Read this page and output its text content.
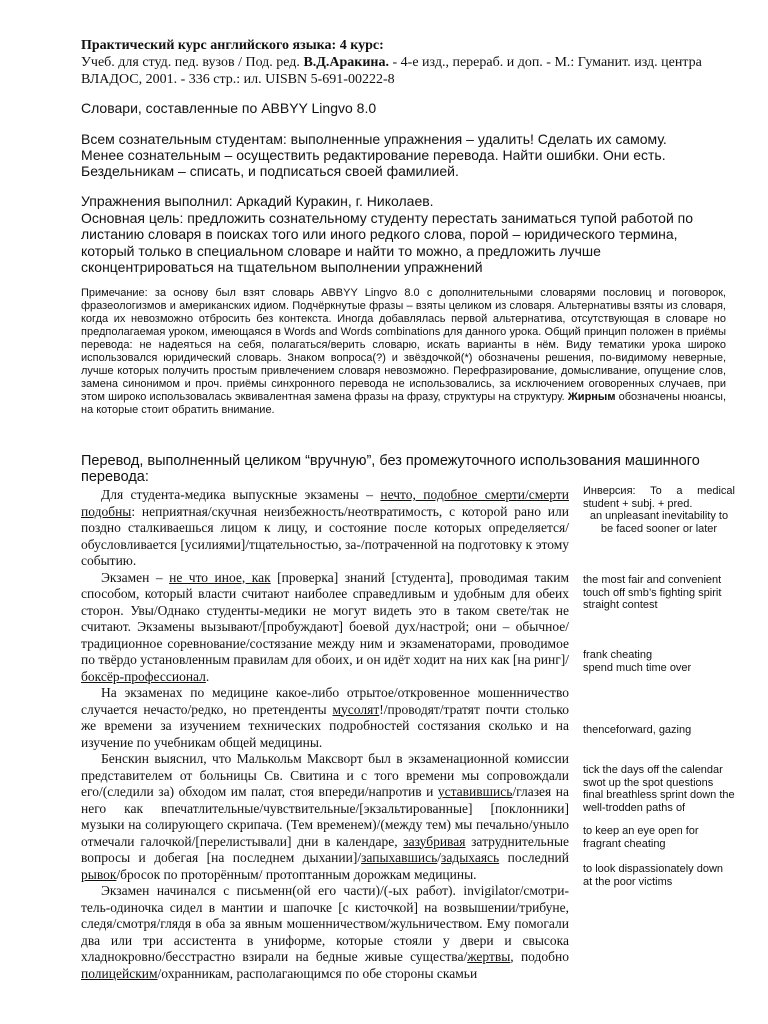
Практический курс английского языка: 4 курс:
Учеб. для студ. пед. вузов / Под. ред. В.Д.Аракина. - 4-е изд., перераб. и доп. - М.: Гуманит. изд. центра ВЛАДОС, 2001. - 336 стр.: ил. UISBN 5-691-00222-8
Словари, составленные по ABBYY Lingvo 8.0
Всем сознательным студентам: выполненные упражнения – удалить! Сделать их самому.
Менее сознательным – осуществить редактирование перевода. Найти ошибки. Они есть.
Бездельникам – списать, и подписаться своей фамилией.
Упражнения выполнил: Аркадий Куракин, г. Николаев.
Основная цель: предложить сознательному студенту перестать заниматься тупой работой по листанию словаря в поисках того или иного редкого слова, порой – юридического термина, который только в специальном словаре и найти то можно, а предложить лучше сконцентрироваться на тщательном выполнении упражнений
Примечание: за основу был взят словарь ABBYY Lingvo 8.0 с дополнительными словарями пословиц и поговорок, фразеологизмов и американских идиом. Подчёркнутые фразы – взяты целиком из словаря. Альтернативы взяты из словаря, когда их невозможно отбросить без контекста. Иногда добавлялась первой альтернатива, отсутствующая в словаре но предполагаемая уроком, имеющаяся в Words and Words combinations для данного урока. Общий принцип положен в приёмы перевода: не надеяться на себя, полагаться/верить словарю, искать варианты в нём. Виду тематики урока широко использовался юридический словарь. Знаком вопроса(?) и звёздочкой(*) обозначены решения, по-видимому неверные, лучше которых получить простым привлечением словаря невозможно. Перефразирование, домысливание, опущение слов, замена синонимом и проч. приёмы синхронного перевода не использовались, за исключением оговоренных случаев, при этом широко использовалась эквивалентная замена фразы на фразу, структуры на структуру. Жирным обозначены нюансы, на которые стоит обратить внимание.
Перевод, выполненный целиком “вручную”, без промежуточного использования машинного перевода:

Для студента-медика выпускные экзамены – нечто, подобное смерти/смерти подобны: неприятная/скучная неизбежность/неотвратимость, с которой рано или поздно сталкиваешься лицом к лицу, и состояние после которых определяется/ обусловливается [усилиями]/тщательностью, за-/потраченной на подготовку к этому событию.

Экзамен – не что иное, как [проверка] знаний [студента], проводимая таким способом, который власти считают наиболее справедливым и удобным для обеих сторон. Увы/Однако студенты-медики не могут видеть это в таком свете/так не считают. Экзамены вызывают/[пробуждают] боевой дух/настрой; они – обычное/традиционное соревнование/состязание между ним и экзаменаторами, проводимое по твёрдо установленным правилам для обоих, и он идёт ходит на них как [на ринг]/боксёр-профессионал.

На экзаменах по медицине какое-либо отрытое/откровенное мошенничество случается нечасто/редко, но претенденты мусолят!/проводят/тратят почти столько же времени за изучением технических подробностей состязания сколько и на изучение по учебникам общей медицины.

Бенскин выяснил, что Малькольм Максворт был в экзаменационной комиссии представителем от больницы Св. Свитина и с того времени мы сопровождали его/(следили за) обходом им палат, стоя впереди/напротив и уставившись/глазея на него как впечатлительные/чувствительные/[экзальтированные] [поклонники] музыки на солирующего скрипача. (Тем временем)/(между тем) мы печально/уныло отмечали галочкой/[перелистывали] дни в календаре, зазубривая затруднительные вопросы и добегая [на последнем дыхании]/запыхавшись/задыхаясь последний рывок/бросок по проторённым/ протоптанным дорожкам медицины.

Экзамен начинался с письменн(ой его части)/(-ых работ). invigilator/смотри-тель-одиночка сидел в мантии и шапочке [с кисточкой] на возвышении/трибуне, следя/смотря/глядя в оба за явным мошенничеством/жульничеством. Ему помогали два или три ассистента в униформе, которые стояли у двери и свысока хладнокровно/бесстрастно взирали на бедные живые существа/жертвы, подобно полицейским/охранникам, располагающимся по обе стороны скамьи

Инверсия: To a medical student + subj. + pred.
an unpleasant inevitability to be faced sooner or later
the most fair and convenient
touch off smb’s fighting spirit
straight contest
frank cheating
spend much time over
thenceforward, gazing
tick the days off the calendar
swot up the spot questions
final breathless sprint down the well-trodden paths of
to keep an eye open for
fragrant cheating
to look dispassionately down at the poor victims
